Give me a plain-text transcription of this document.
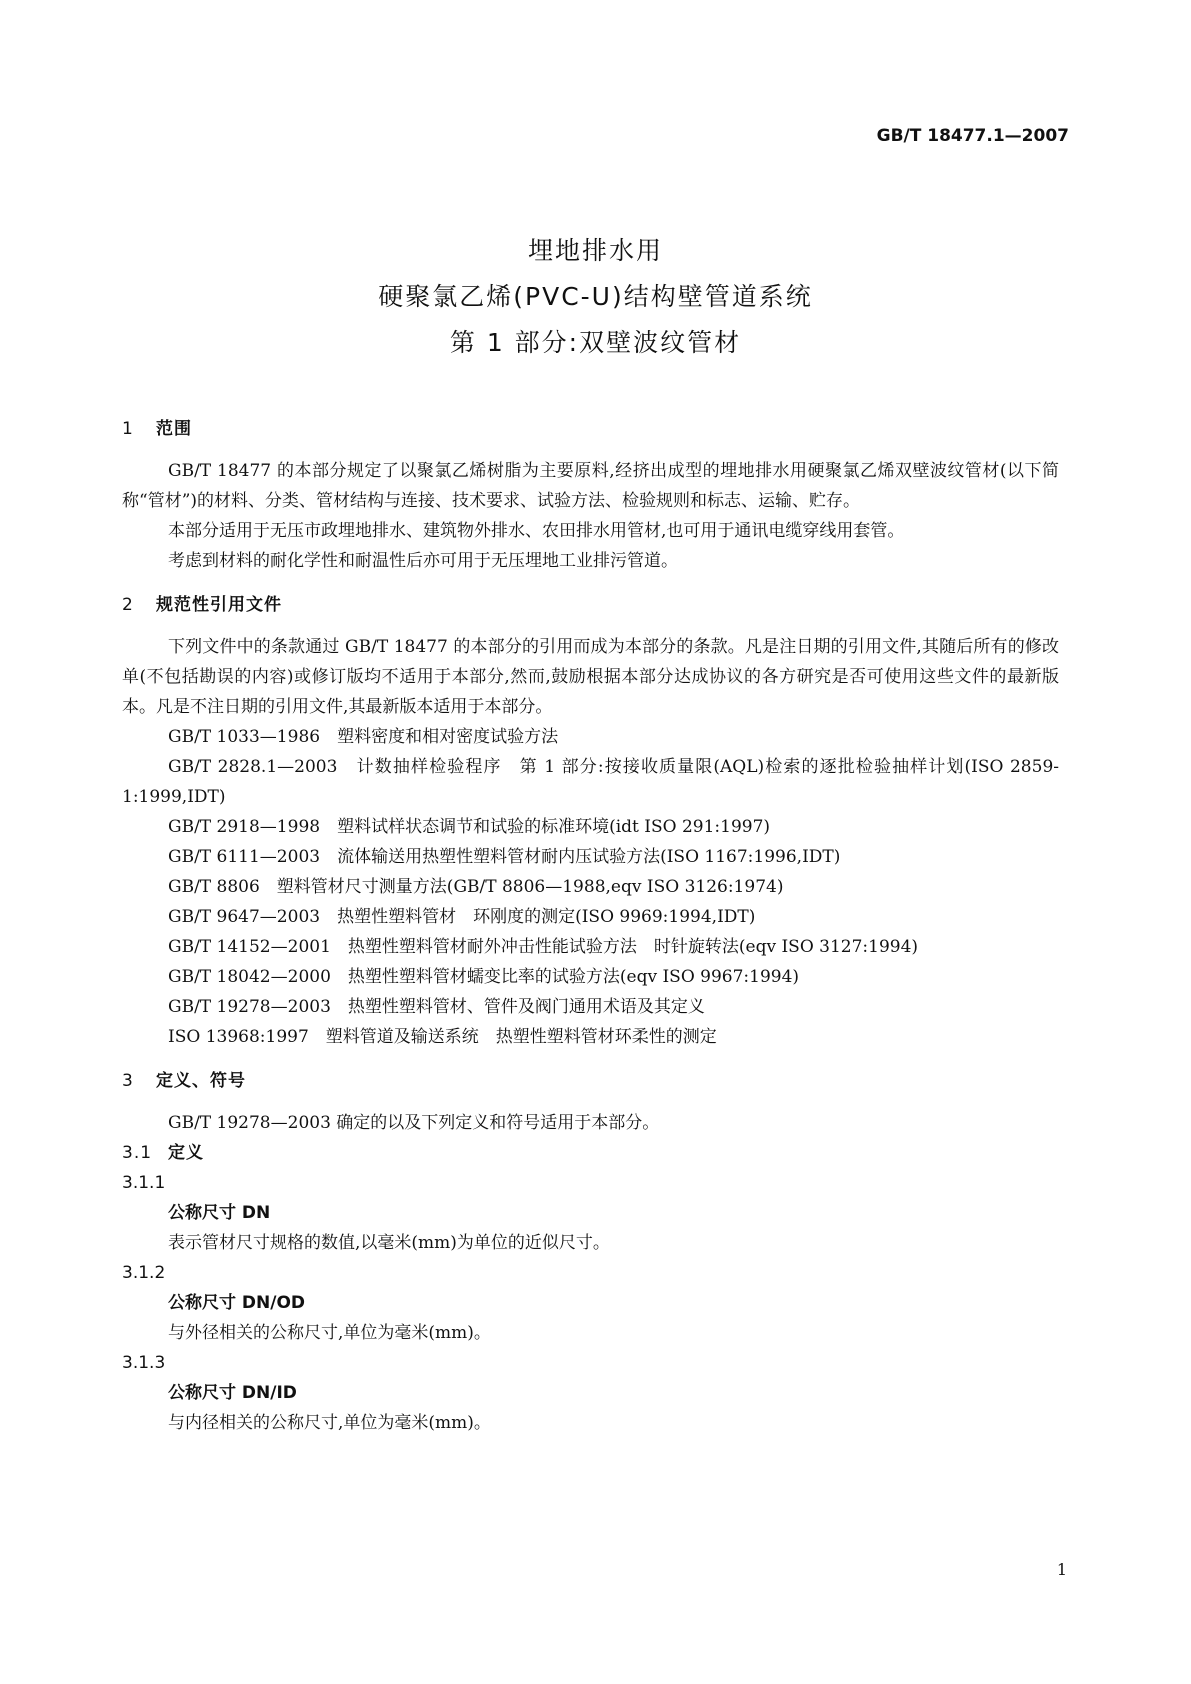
GB/T 18477.1—2007
埋地排水用
硬聚氯乙烯(PVC-U)结构壁管道系统
第 1 部分:双壁波纹管材
1 范围

GB/T 18477 的本部分规定了以聚氯乙烯树脂为主要原料,经挤出成型的埋地排水用硬聚氯乙烯双壁波纹管材(以下简称“管材”)的材料、分类、管材结构与连接、技术要求、试验方法、检验规则和标志、运输、贮存。

本部分适用于无压市政埋地排水、建筑物外排水、农田排水用管材,也可用于通讯电缆穿线用套管。

考虑到材料的耐化学性和耐温性后亦可用于无压埋地工业排污管道。

2 规范性引用文件

下列文件中的条款通过 GB/T 18477 的本部分的引用而成为本部分的条款。凡是注日期的引用文件,其随后所有的修改单(不包括勘误的内容)或修订版均不适用于本部分,然而,鼓励根据本部分达成协议的各方研究是否可使用这些文件的最新版本。凡是不注日期的引用文件,其最新版本适用于本部分。

GB/T 1033—1986　塑料密度和相对密度试验方法

GB/T 2828.1—2003　计数抽样检验程序　第 1 部分:按接收质量限(AQL)检索的逐批检验抽样计划(ISO 2859-1:1999,IDT)

GB/T 2918—1998　塑料试样状态调节和试验的标准环境(idt ISO 291:1997)

GB/T 6111—2003　流体输送用热塑性塑料管材耐内压试验方法(ISO 1167:1996,IDT)

GB/T 8806　塑料管材尺寸测量方法(GB/T 8806—1988,eqv ISO 3126:1974)

GB/T 9647—2003　热塑性塑料管材　环刚度的测定(ISO 9969:1994,IDT)

GB/T 14152—2001　热塑性塑料管材耐外冲击性能试验方法　时针旋转法(eqv ISO 3127:1994)

GB/T 18042—2000　热塑性塑料管材蠕变比率的试验方法(eqv ISO 9967:1994)

GB/T 19278—2003　热塑性塑料管材、管件及阀门通用术语及其定义

ISO 13968:1997　塑料管道及输送系统　热塑性塑料管材环柔性的测定

3 定义、符号

GB/T 19278—2003 确定的以及下列定义和符号适用于本部分。

3.1 定义
3.1.1
公称尺寸 DN

表示管材尺寸规格的数值,以毫米(mm)为单位的近似尺寸。

3.1.2
公称尺寸 DN/OD

与外径相关的公称尺寸,单位为毫米(mm)。

3.1.3
公称尺寸 DN/ID

与内径相关的公称尺寸,单位为毫米(mm)。

1
